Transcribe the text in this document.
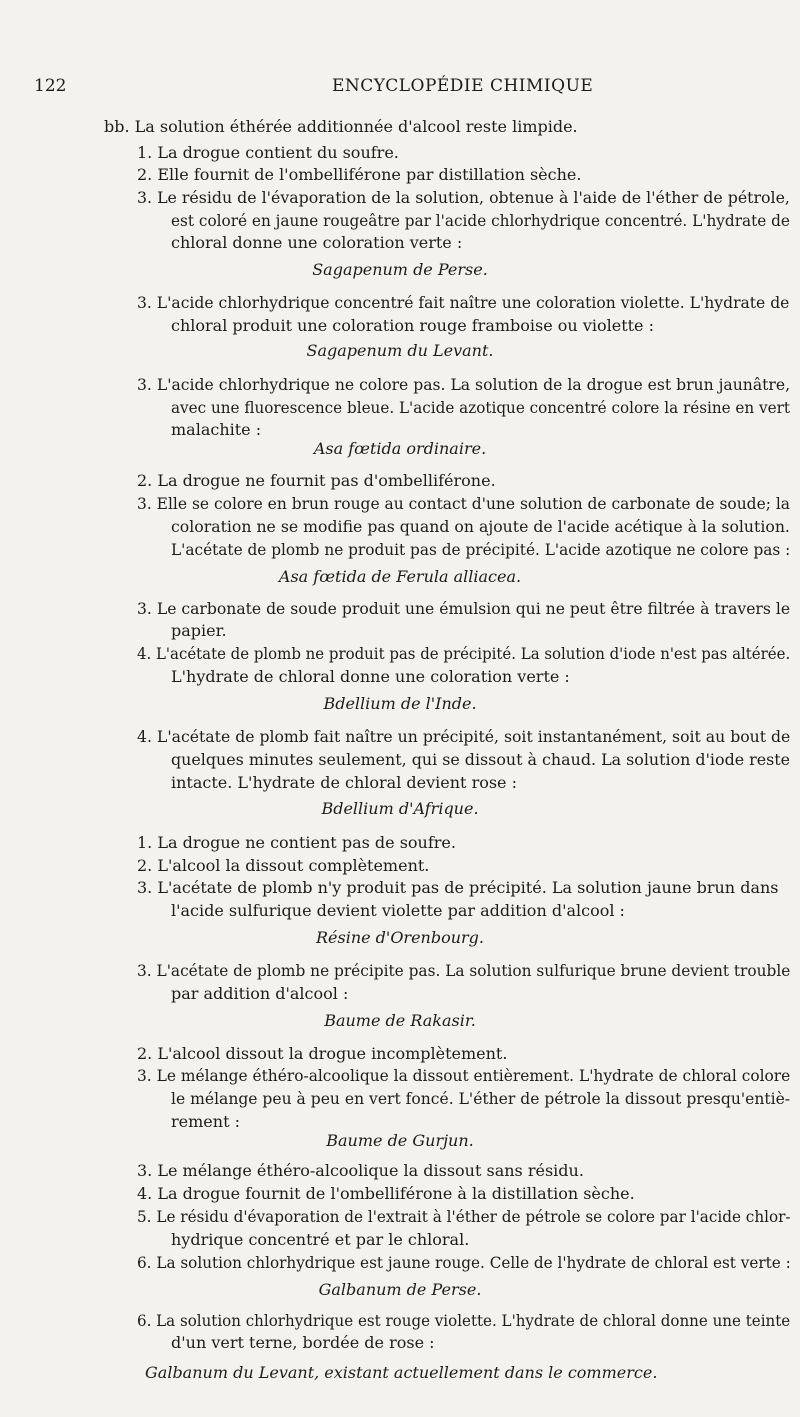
122	ENCYCLOPÉDIE CHIMIQUE
bb. La solution éthérée additionnée d'alcool reste limpide.
1. La drogue contient du soufre.
2. Elle fournit de l'ombelliférone par distillation sèche.
3. Le résidu de l'évaporation de la solution, obtenue à l'aide de l'éther de pétrole,
est coloré en jaune rougeâtre par l'acide chlorhydrique concentré. L'hydrate de
chloral donne une coloration verte :
Sagapenum de Perse.
3. L'acide chlorhydrique concentré fait naître une coloration violette. L'hydrate de
chloral produit une coloration rouge framboise ou violette :
Sagapenum du Levant.
3. L'acide chlorhydrique ne colore pas. La solution de la drogue est brun jaunâtre,
avec une fluorescence bleue. L'acide azotique concentré colore la résine en vert
malachite :
Asa fœtida ordinaire.
2. La drogue ne fournit pas d'ombelliférone.
3. Elle se colore en brun rouge au contact d'une solution de carbonate de soude; la
coloration ne se modifie pas quand on ajoute de l'acide acétique à la solution.
L'acétate de plomb ne produit pas de précipité. L'acide azotique ne colore pas :
Asa fœtida de Ferula alliacea.
3. Le carbonate de soude produit une émulsion qui ne peut être filtrée à travers le
papier.
4. L'acétate de plomb ne produit pas de précipité. La solution d'iode n'est pas altérée.
L'hydrate de chloral donne une coloration verte :
Bdellium de l'Inde.
4. L'acétate de plomb fait naître un précipité, soit instantanément, soit au bout de
quelques minutes seulement, qui se dissout à chaud. La solution d'iode reste
intacte. L'hydrate de chloral devient rose :
Bdellium d'Afrique.
1. La drogue ne contient pas de soufre.
2. L'alcool la dissout complètement.
3. L'acétate de plomb n'y produit pas de précipité. La solution jaune brun dans
l'acide sulfurique devient violette par addition d'alcool :
Résine d'Orenbourg.
3. L'acétate de plomb ne précipite pas. La solution sulfurique brune devient trouble
par addition d'alcool :
Baume de Rakasir.
2. L'alcool dissout la drogue incomplètement.
3. Le mélange éthéro-alcoolique la dissout entièrement. L'hydrate de chloral colore
le mélange peu à peu en vert foncé. L'éther de pétrole la dissout presqu'entiè-
rement :
Baume de Gurjun.
3. Le mélange éthéro-alcoolique la dissout sans résidu.
4. La drogue fournit de l'ombelliférone à la distillation sèche.
5. Le résidu d'évaporation de l'extrait à l'éther de pétrole se colore par l'acide chlor-
hydrique concentré et par le chloral.
6. La solution chlorhydrique est jaune rouge. Celle de l'hydrate de chloral est verte :
Galbanum de Perse.
6. La solution chlorhydrique est rouge violette. L'hydrate de chloral donne une teinte
d'un vert terne, bordée de rose :
Galbanum du Levant, existant actuellement dans le commerce.
